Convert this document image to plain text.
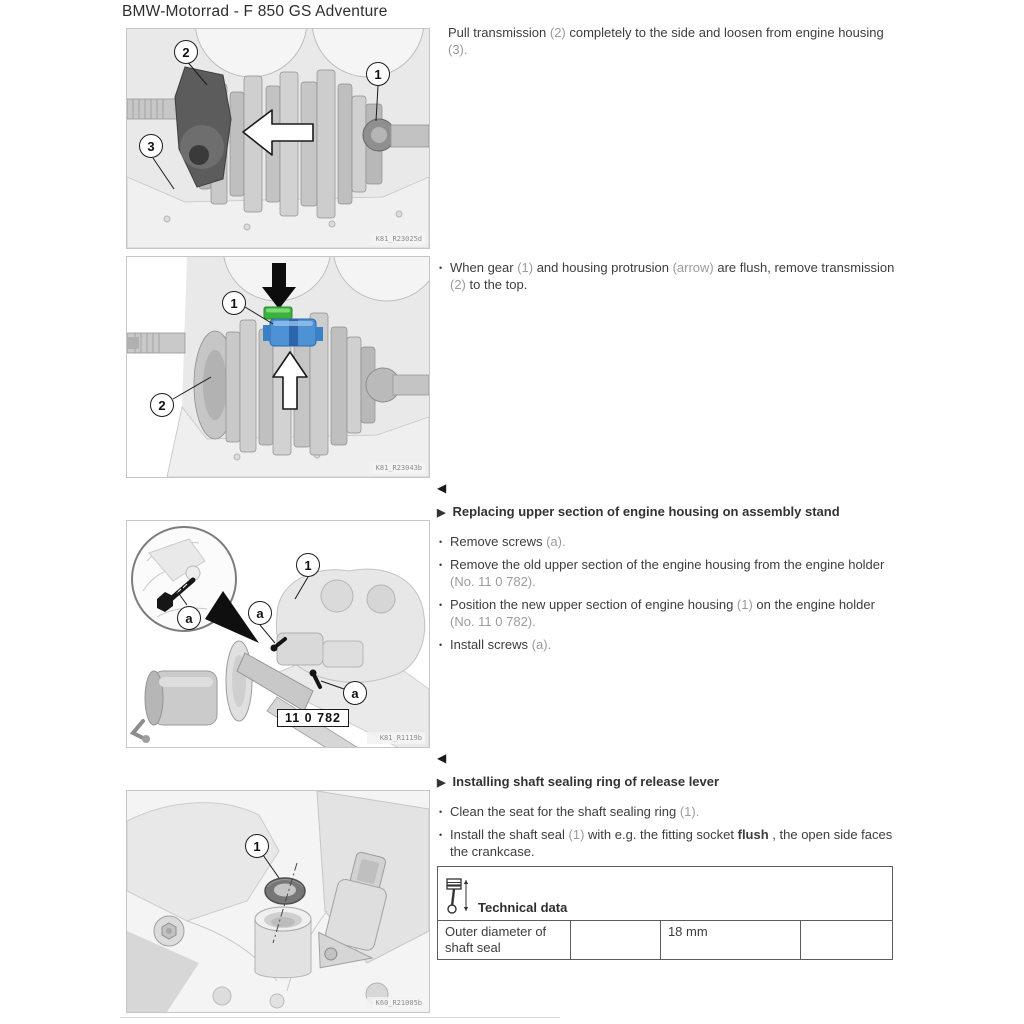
BMW-Motorrad - F 850 GS Adventure
2
1
3
K81_R23025d
1
2
K81_R23043b
a
1
a
a
11 0 782
K81_R1119b
1
K60_R21005b
Pull transmission (2) completely to the side and loosen from engine housing (3).
• When gear (1) and housing protrusion (arrow) are flush, remove transmission (2) to the top.
◀
▶ Replacing upper section of engine housing on assembly stand
• Remove screws (a).
• Remove the old upper section of the engine housing from the engine holder (No. 11 0 782).
• Position the new upper section of engine housing (1) on the engine holder (No. 11 0 782).
• Install screws (a).
◀
▶ Installing shaft sealing ring of release lever
• Clean the seat for the shaft sealing ring (1).
• Install the shaft seal (1) with e.g. the fitting socket flush , the open side faces the crankcase.
Technical data

Outer diameter of shaft seal		18 mm	
